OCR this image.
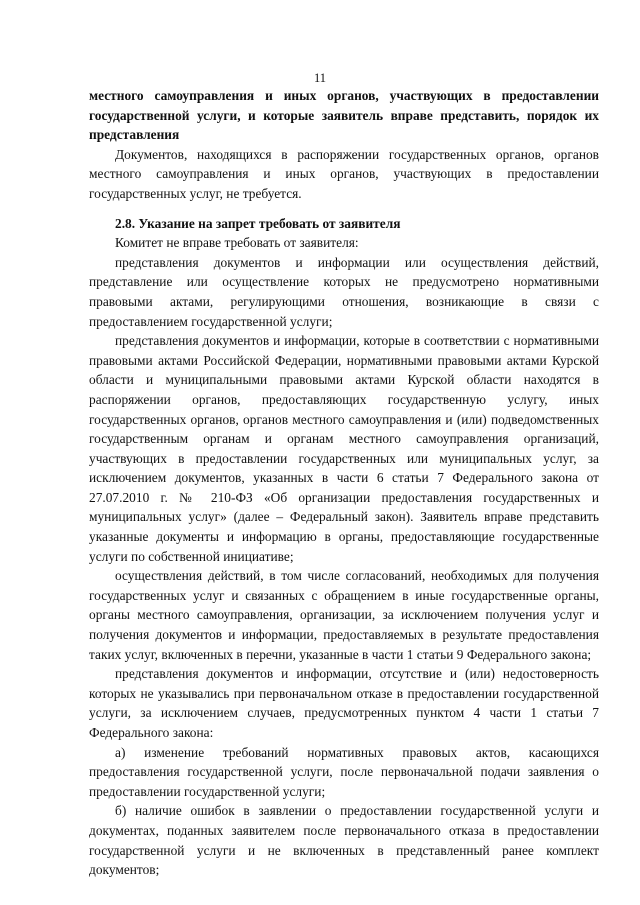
11

местного самоуправления и иных органов, участвующих в предоставлении государственной услуги, и которые заявитель вправе представить, порядок их представления

Документов, находящихся в распоряжении государственных органов, органов местного самоуправления и иных органов, участвующих в предоставлении государственных услуг, не требуется.

2.8. Указание на запрет требовать от заявителя

Комитет не вправе требовать от заявителя:

представления документов и информации или осуществления действий, представление или осуществление которых не предусмотрено нормативными правовыми актами, регулирующими отношения, возникающие в связи с предоставлением государственной услуги;

представления документов и информации, которые в соответствии с нормативными правовыми актами Российской Федерации, нормативными правовыми актами Курской области и муниципальными правовыми актами Курской области находятся в распоряжении органов, предоставляющих государственную услугу, иных государственных органов, органов местного самоуправления и (или) подведомственных государственным органам и органам местного самоуправления организаций, участвующих в предоставлении государственных или муниципальных услуг, за исключением документов, указанных в части 6 статьи 7 Федерального закона от 27.07.2010 г. № 210-ФЗ «Об организации предоставления государственных и муниципальных услуг» (далее – Федеральный закон). Заявитель вправе представить указанные документы и информацию в органы, предоставляющие государственные услуги по собственной инициативе;

осуществления действий, в том числе согласований, необходимых для получения государственных услуг и связанных с обращением в иные государственные органы, органы местного самоуправления, организации, за исключением получения услуг и получения документов и информации, предоставляемых в результате предоставления таких услуг, включенных в перечни, указанные в части 1 статьи 9 Федерального закона;

представления документов и информации, отсутствие и (или) недостоверность которых не указывались при первоначальном отказе в предоставлении государственной услуги, за исключением случаев, предусмотренных пунктом 4 части 1 статьи 7 Федерального закона:

а) изменение требований нормативных правовых актов, касающихся предоставления государственной услуги, после первоначальной подачи заявления о предоставлении государственной услуги;

б) наличие ошибок в заявлении о предоставлении государственной услуги и документах, поданных заявителем после первоначального отказа в предоставлении государственной услуги и не включенных в представленный ранее комплект документов;
